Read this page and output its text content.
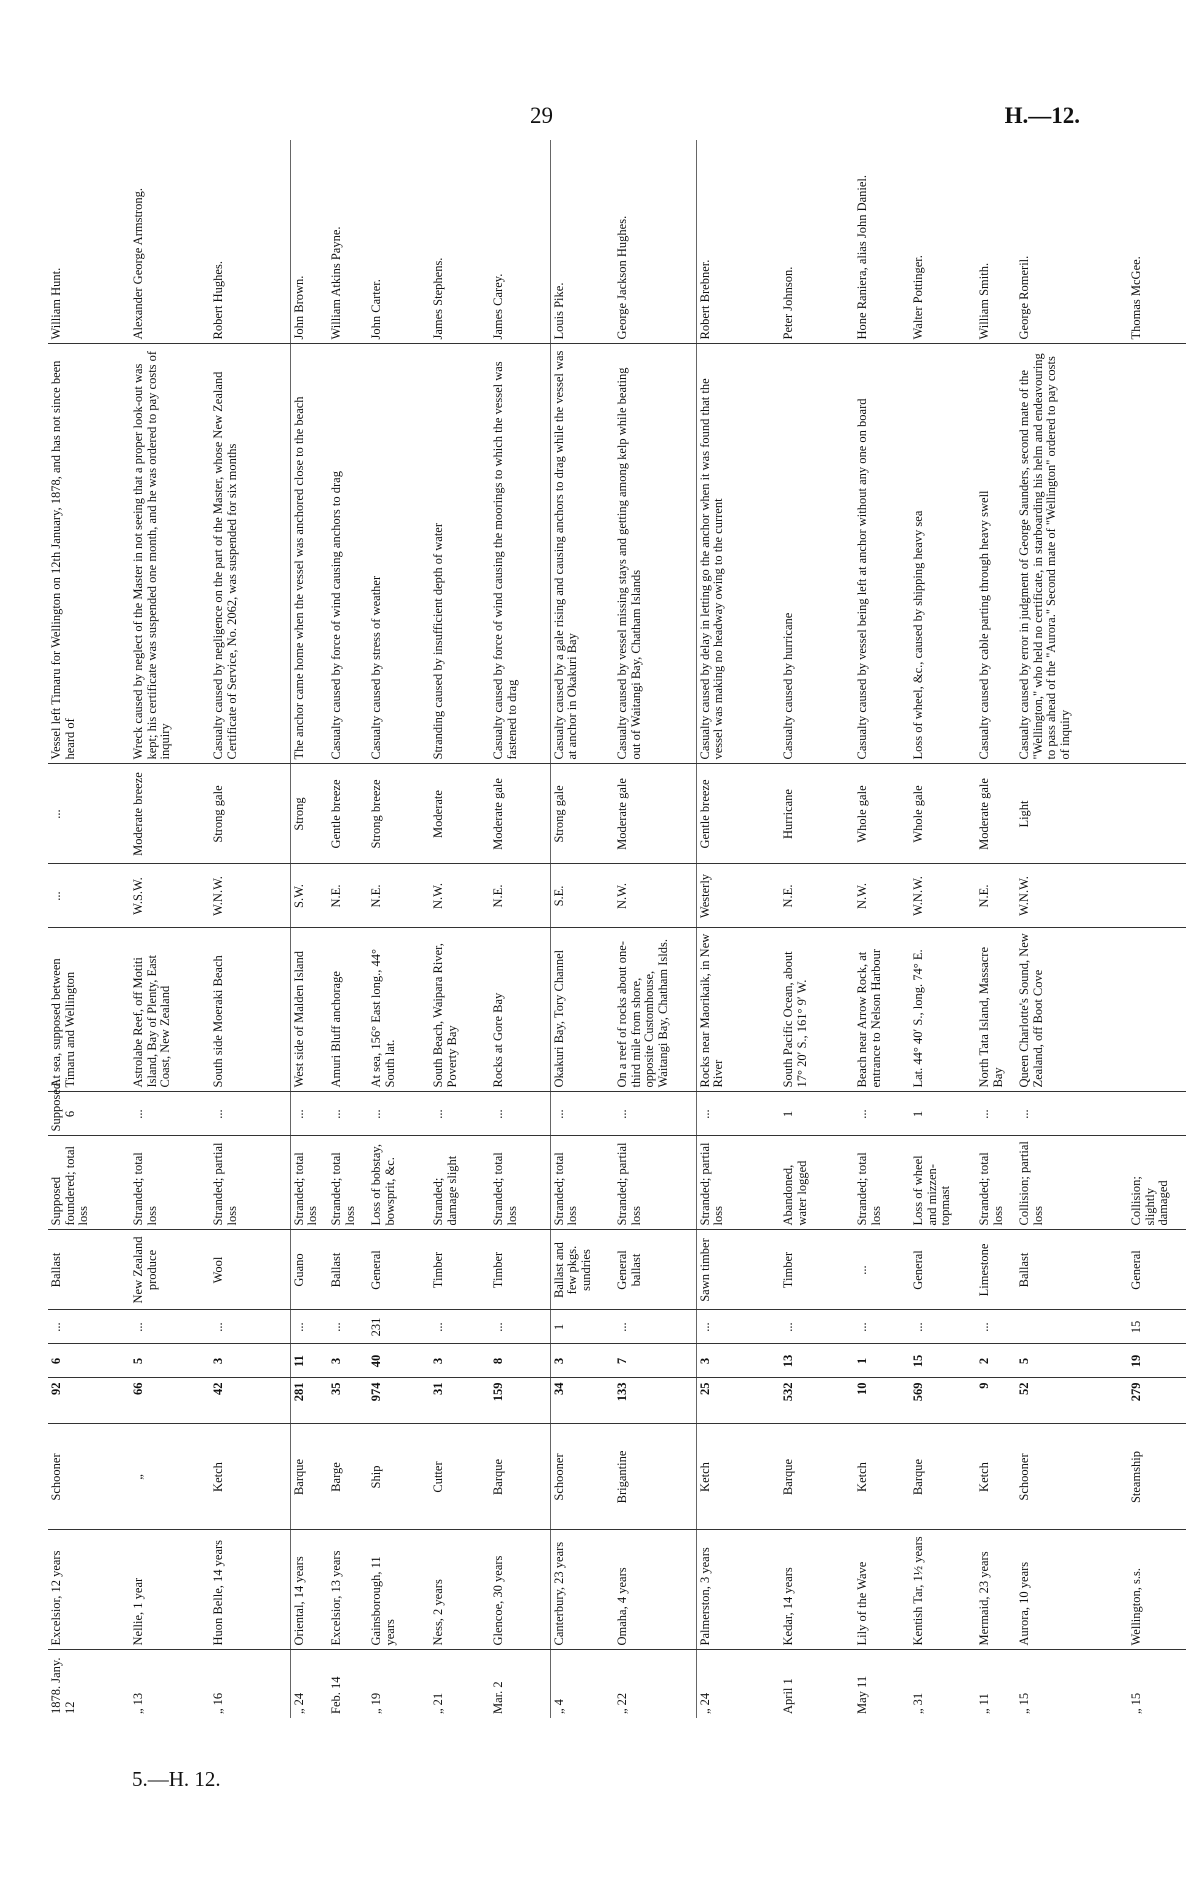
29	H.—12.
1878. Jany. 12	Excelsior, 12 years	Schooner	92	6	...	Ballast	Supposed foundered; total loss	Supposed 6	At sea, supposed between Timaru and Wellington	...	...	Vessel left Timaru for Wellington on 12th January, 1878, and has not since been heard of	William Hunt.
„ 13	Nellie, 1 year	„	66	5	...	New Zealand produce	Stranded; total loss	...	Astrolabe Reef, off Motiti Island, Bay of Plenty, East Coast, New Zealand	W.S.W.	Moderate breeze	Wreck caused by neglect of the Master in not seeing that a proper look-out was kept; his certificate was suspended one month, and he was ordered to pay costs of inquiry	Alexander George Armstrong.
„ 16	Huon Belle, 14 years	Ketch	42	3	...	Wool	Stranded; partial loss	...	South side Moeraki Beach	W.N.W.	Strong gale	Casualty caused by negligence on the part of the Master, whose New Zealand Certificate of Service, No. 2062, was suspended for six months	Robert Hughes.
„ 24	Oriental, 14 years	Barque	281	11	...	Guano	Stranded; total loss	...	West side of Malden Island	S.W.	Strong	The anchor came home when the vessel was anchored close to the beach	John Brown.
Feb. 14	Excelsior, 13 years	Barge	35	3	...	Ballast	Stranded; total loss	...	Amuri Bluff anchorage	N.E.	Gentle breeze	Casualty caused by force of wind causing anchors to drag	William Atkins Payne.
„ 19	Gainsborough, 11 years	Ship	974	40	231	General	Loss of bobstay, bowsprit, &c.	...	At sea, 156° East long., 44° South lat.	N.E.	Strong breeze	Casualty caused by stress of weather	John Carter.
„ 21	Ness, 2 years	Cutter	31	3	...	Timber	Stranded; damage slight	...	South Beach, Waipara River, Poverty Bay	N.W.	Moderate	Stranding caused by insufficient depth of water	James Stephens.
Mar. 2	Glencoe, 30 years	Barque	159	8	...	Timber	Stranded; total loss	...	Rocks at Gore Bay	N.E.	Moderate gale	Casualty caused by force of wind causing the moorings to which the vessel was fastened to drag	James Carey.
„ 4	Canterbury, 23 years	Schooner	34	3	1	Ballast and few pkgs. sundries	Stranded; total loss	...	Okakuri Bay, Tory Channel	S.E.	Strong gale	Casualty caused by a gale rising and causing anchors to drag while the vessel was at anchor in Okakuri Bay	Louis Pike.
„ 22	Omaha, 4 years	Brigantine	133	7	...	General ballast	Stranded; partial loss	...	On a reef of rocks about one-third mile from shore, opposite Customhouse, Waitangi Bay, Chatham Islds.	N.W.	Moderate gale	Casualty caused by vessel missing stays and getting among kelp while beating out of Waitangi Bay, Chatham Islands	George Jackson Hughes.
„ 24	Palmerston, 3 years	Ketch	25	3	...	Sawn timber	Stranded; partial loss	...	Rocks near Maorikaik, in New River	Westerly	Gentle breeze	Casualty caused by delay in letting go the anchor when it was found that the vessel was making no headway owing to the current	Robert Brebner.
April 1	Kedar, 14 years	Barque	532	13	...	Timber	Abandoned, water logged	1	South Pacific Ocean, about 17° 20′ S., 161° 9′ W.	N.E.	Hurricane	Casualty caused by hurricane	Peter Johnson.
May 11	Lily of the Wave	Ketch	10	1	...	...	Stranded; total loss	...	Beach near Arrow Rock, at entrance to Nelson Harbour	N.W.	Whole gale	Casualty caused by vessel being left at anchor without any one on board	Hone Raniera, alias John Daniel.
„ 31	Kentish Tar, 1½ years	Barque	569	15	...	General	Loss of wheel and mizzen-topmast	1	Lat. 44° 40′ S., long. 74° E.	W.N.W.	Whole gale	Loss of wheel, &c., caused by shipping heavy sea	Walter Pottinger.
„ 11	Mermaid, 23 years	Ketch	9	2	...	Limestone	Stranded; total loss	...	North Tata Island, Massacre Bay	N.E.	Moderate gale	Casualty caused by cable parting through heavy swell	William Smith.
„ 15	Aurora, 10 years	Schooner	52	5		Ballast	Collision; partial loss	...	Queen Charlotte's Sound, New Zealand, off Boot Cove	W.N.W.	Light	Casualty caused by error in judgment of George Saunders, second mate of the "Wellington," who held no certificate, in starboarding his helm and endeavouring to pass ahead of the "Aurora." Second mate of "Wellington" ordered to pay costs of inquiry	George Romeril.
„ 15	Wellington, s.s.	Steamship	279	19	15	General	Collision; slightly damaged						Thomas McGee.
5.—H. 12.
